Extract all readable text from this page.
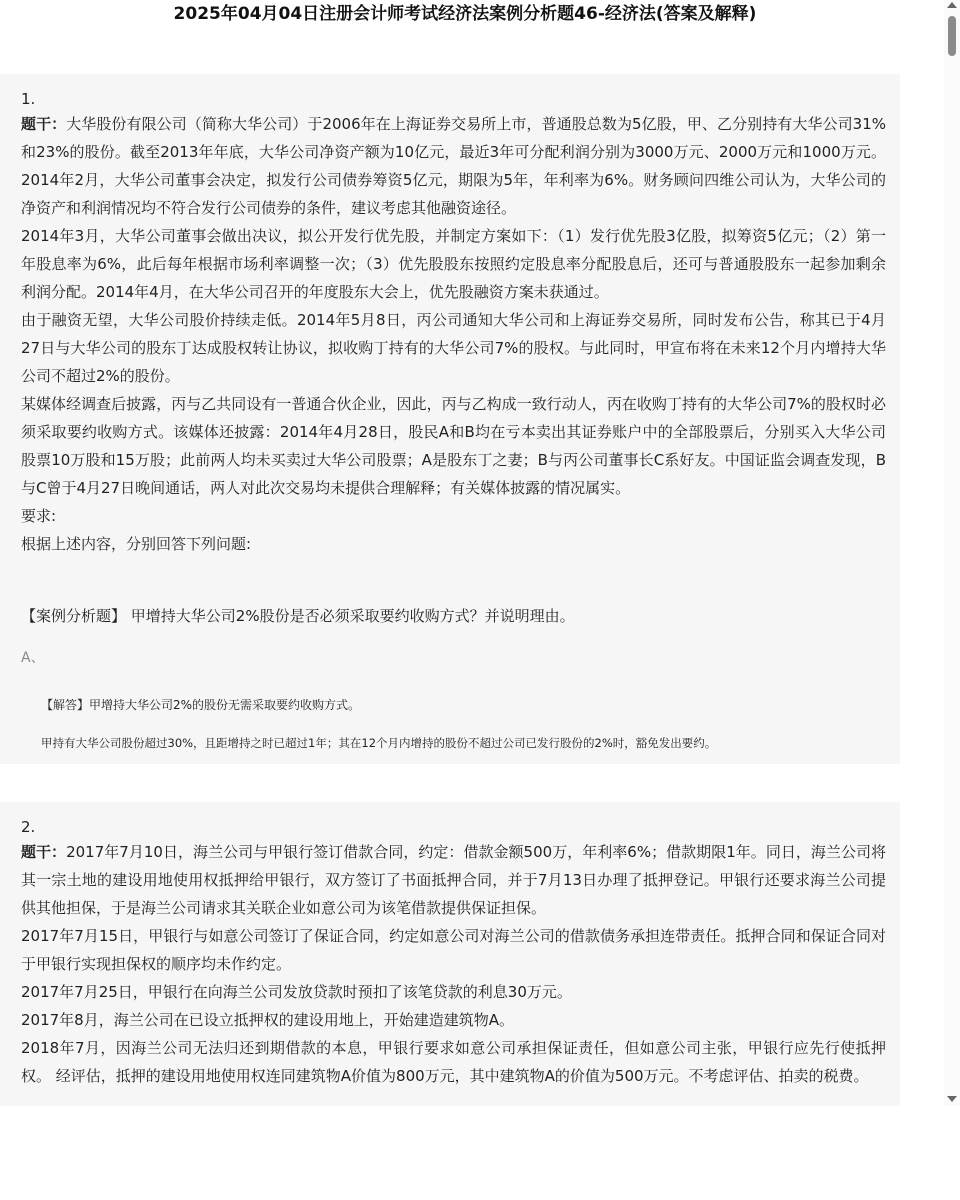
2025年04月04日注册会计师考试经济法案例分析题46-经济法(答案及解释)
1.

题干：大华股份有限公司（简称大华公司）于2006年在上海证券交易所上市，普通股总数为5亿股，甲、乙分别持有大华公司31%和23%的股份。截至2013年年底，大华公司净资产额为10亿元，最近3年可分配利润分别为3000万元、2000万元和1000万元。2014年2月，大华公司董事会决定，拟发行公司债券筹资5亿元，期限为5年，年利率为6%。财务顾问四维公司认为，大华公司的净资产和利润情况均不符合发行公司债券的条件，建议考虑其他融资途径。

2014年3月，大华公司董事会做出决议，拟公开发行优先股，并制定方案如下：（1）发行优先股3亿股，拟筹资5亿元；（2）第一年股息率为6%，此后每年根据市场利率调整一次；（3）优先股股东按照约定股息率分配股息后，还可与普通股股东一起参加剩余利润分配。2014年4月，在大华公司召开的年度股东大会上，优先股融资方案未获通过。

由于融资无望，大华公司股价持续走低。2014年5月8日，丙公司通知大华公司和上海证券交易所，同时发布公告，称其已于4月27日与大华公司的股东丁达成股权转让协议，拟收购丁持有的大华公司7%的股权。与此同时，甲宣布将在未来12个月内增持大华公司不超过2%的股份。

某媒体经调查后披露，丙与乙共同设有一普通合伙企业，因此，丙与乙构成一致行动人，丙在收购丁持有的大华公司7%的股权时必须采取要约收购方式。该媒体还披露：2014年4月28日，股民A和B均在亏本卖出其证券账户中的全部股票后，分别买入大华公司股票10万股和15万股；此前两人均未买卖过大华公司股票；A是股东丁之妻；B与丙公司董事长C系好友。中国证监会调查发现，B与C曾于4月27日晚间通话，两人对此次交易均未提供合理解释；有关媒体披露的情况属实。

要求:

根据上述内容，分别回答下列问题:

【案例分析题】 甲增持大华公司2%股份是否必须采取要约收购方式？并说明理由。

A、

【解答】甲增持大华公司2%的股份无需采取要约收购方式。

甲持有大华公司股份超过30%，且距增持之时已超过1年；其在12个月内增持的股份不超过公司已发行股份的2%时，豁免发出要约。

2.

题干：2017年7月10日，海兰公司与甲银行签订借款合同，约定：借款金额500万，年利率6%；借款期限1年。同日，海兰公司将其一宗土地的建设用地使用权抵押给甲银行，双方签订了书面抵押合同，并于7月13日办理了抵押登记。甲银行还要求海兰公司提供其他担保，于是海兰公司请求其关联企业如意公司为该笔借款提供保证担保。

2017年7月15日，甲银行与如意公司签订了保证合同，约定如意公司对海兰公司的借款债务承担连带责任。抵押合同和保证合同对于甲银行实现担保权的顺序均未作约定。

2017年7月25日，甲银行在向海兰公司发放贷款时预扣了该笔贷款的利息30万元。

2017年8月，海兰公司在已设立抵押权的建设用地上，开始建造建筑物A。

2018年7月，因海兰公司无法归还到期借款的本息，甲银行要求如意公司承担保证责任，但如意公司主张，甲银行应先行使抵押权。 经评估，抵押的建设用地使用权连同建筑物A价值为800万元，其中建筑物A的价值为500万元。不考虑评估、拍卖的税费。
